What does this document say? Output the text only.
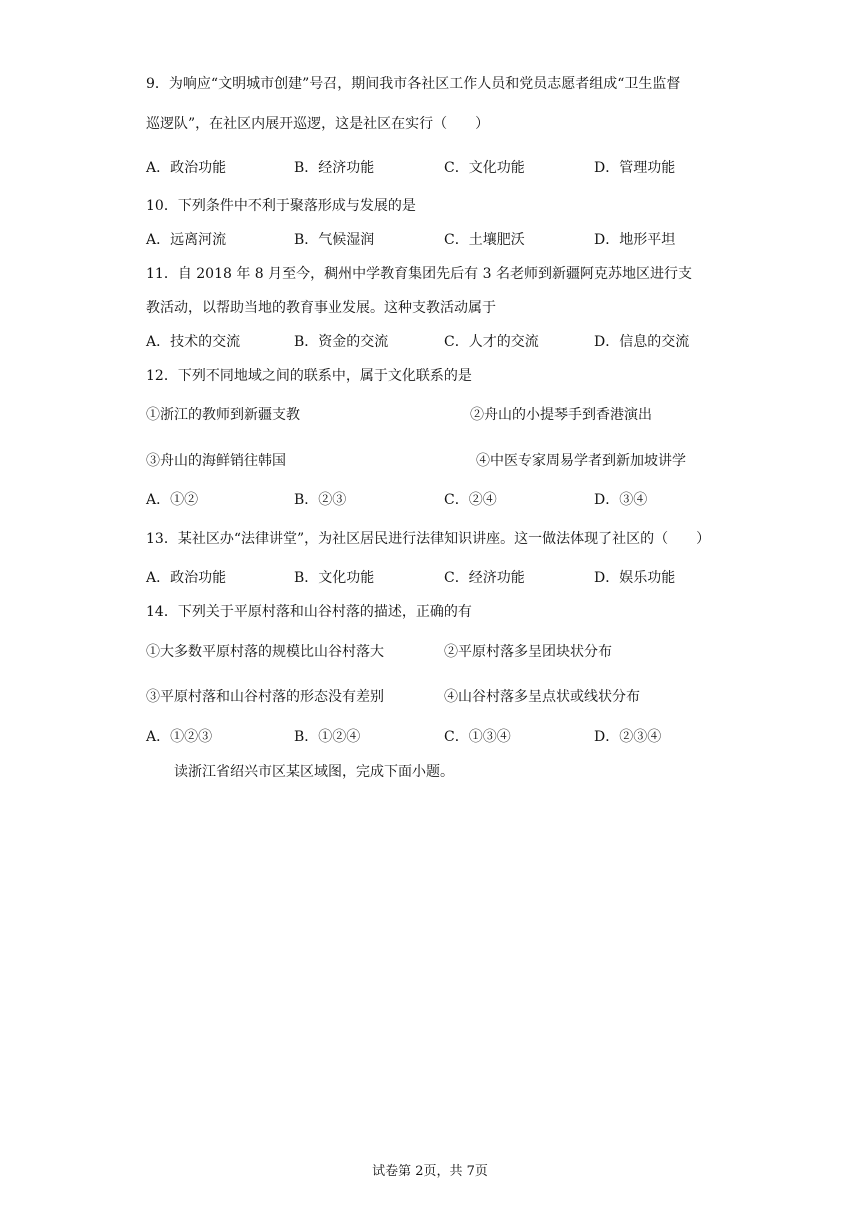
9．为响应“文明城市创建”号召，期间我市各社区工作人员和党员志愿者组成“卫生监督
巡逻队”，在社区内展开巡逻，这是社区在实行（　　）
A．政治功能	B．经济功能	C．文化功能	D．管理功能
10．下列条件中不利于聚落形成与发展的是
A．远离河流	B．气候湿润	C．土壤肥沃	D．地形平坦
11．自 2018 年 8 月至今，稠州中学教育集团先后有 3 名老师到新疆阿克苏地区进行支
教活动，以帮助当地的教育事业发展。这种支教活动属于
A．技术的交流	B．资金的交流	C．人才的交流	D．信息的交流
12．下列不同地域之间的联系中，属于文化联系的是
①浙江的教师到新疆支教	②舟山的小提琴手到香港演出
③舟山的海鲜销往韩国	④中医专家周易学者到新加坡讲学
A．①②	B．②③	C．②④	D．③④
13．某社区办“法律讲堂”，为社区居民进行法律知识讲座。这一做法体现了社区的（　　）
A．政治功能	B．文化功能	C．经济功能	D．娱乐功能
14．下列关于平原村落和山谷村落的描述，正确的有
①大多数平原村落的规模比山谷村落大	②平原村落多呈团块状分布
③平原村落和山谷村落的形态没有差别	④山谷村落多呈点状或线状分布
A．①②③	B．①②④	C．①③④	D．②③④
读浙江省绍兴市区某区域图，完成下面小题。
试卷第 2页，共 7页
